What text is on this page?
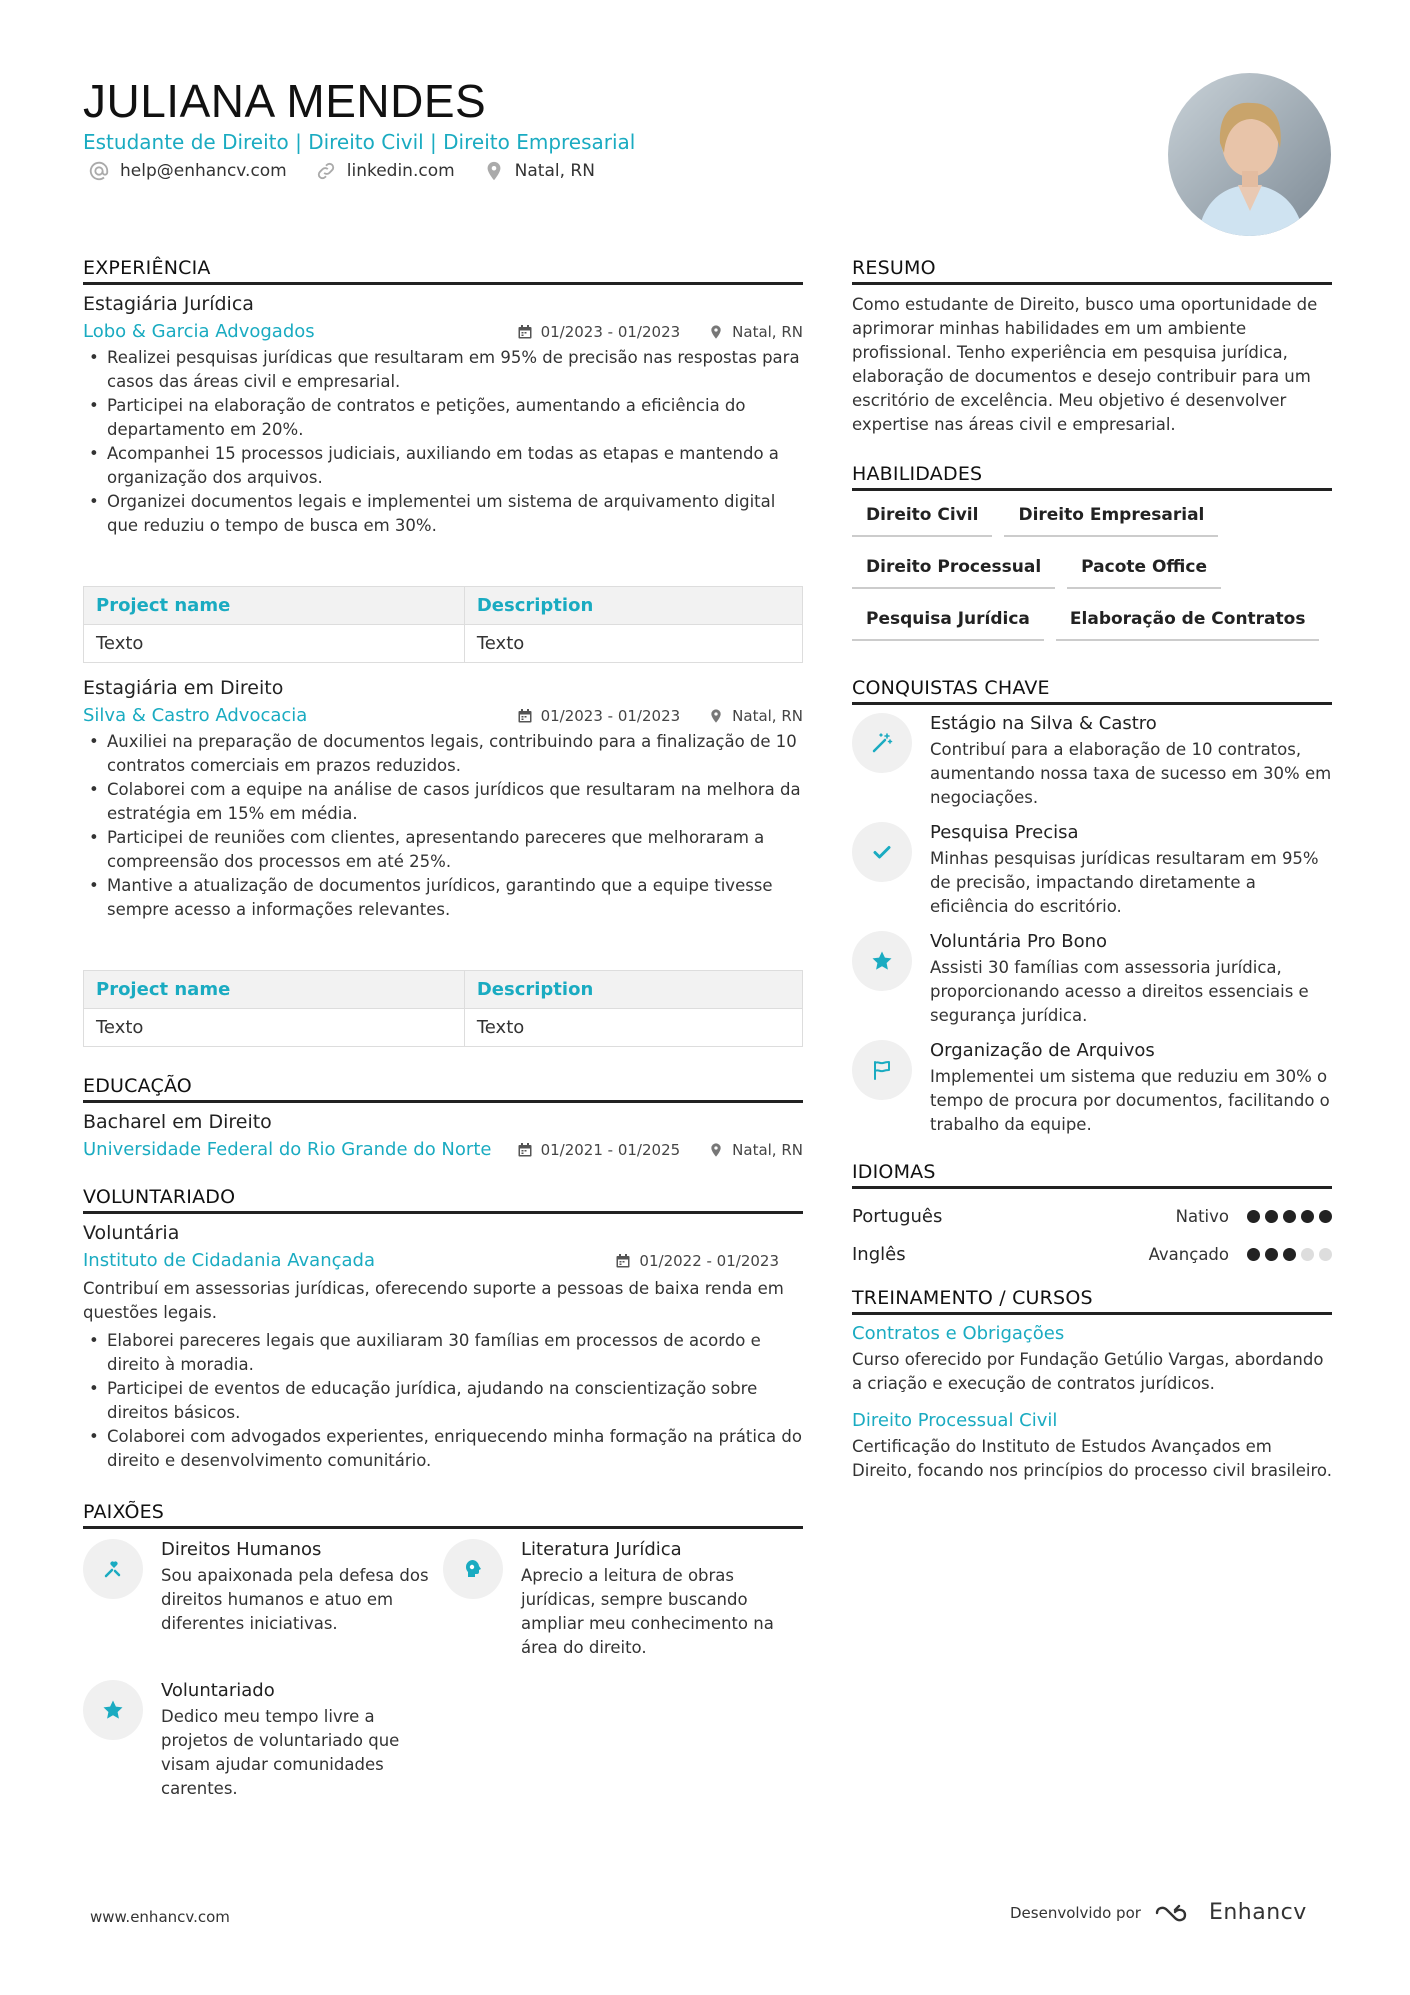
JULIANA MENDES
Estudante de Direito | Direito Civil | Direito Empresarial
help@enhancv.com	linkedin.com	Natal, RN
EXPERIÊNCIA
Estagiária Jurídica
Lobo & Garcia Advogados	01/2023 - 01/2023	Natal, RN
• Realizei pesquisas jurídicas que resultaram em 95% de precisão nas respostas para casos das áreas civil e empresarial.
• Participei na elaboração de contratos e petições, aumentando a eficiência do departamento em 20%.
• Acompanhei 15 processos judiciais, auxiliando em todas as etapas e mantendo a organização dos arquivos.
• Organizei documentos legais e implementei um sistema de arquivamento digital que reduziu o tempo de busca em 30%.
Project name	Description
Texto	Texto
Estagiária em Direito
Silva & Castro Advocacia	01/2023 - 01/2023	Natal, RN
• Auxiliei na preparação de documentos legais, contribuindo para a finalização de 10 contratos comerciais em prazos reduzidos.
• Colaborei com a equipe na análise de casos jurídicos que resultaram na melhora da estratégia em 15% em média.
• Participei de reuniões com clientes, apresentando pareceres que melhoraram a compreensão dos processos em até 25%.
• Mantive a atualização de documentos jurídicos, garantindo que a equipe tivesse sempre acesso a informações relevantes.
Project name	Description
Texto	Texto
EDUCAÇÃO
Bacharel em Direito
Universidade Federal do Rio Grande do Norte	01/2021 - 01/2025	Natal, RN
VOLUNTARIADO
Voluntária
Instituto de Cidadania Avançada	01/2022 - 01/2023
Contribuí em assessorias jurídicas, oferecendo suporte a pessoas de baixa renda em questões legais.
• Elaborei pareceres legais que auxiliaram 30 famílias em processos de acordo e direito à moradia.
• Participei de eventos de educação jurídica, ajudando na conscientização sobre direitos básicos.
• Colaborei com advogados experientes, enriquecendo minha formação na prática do direito e desenvolvimento comunitário.
PAIXÕES
Direitos Humanos
Sou apaixonada pela defesa dos direitos humanos e atuo em diferentes iniciativas.
Literatura Jurídica
Aprecio a leitura de obras jurídicas, sempre buscando ampliar meu conhecimento na área do direito.
Voluntariado
Dedico meu tempo livre a projetos de voluntariado que visam ajudar comunidades carentes.
RESUMO
Como estudante de Direito, busco uma oportunidade de aprimorar minhas habilidades em um ambiente profissional. Tenho experiência em pesquisa jurídica, elaboração de documentos e desejo contribuir para um escritório de excelência. Meu objetivo é desenvolver expertise nas áreas civil e empresarial.
HABILIDADES
Direito Civil	Direito Empresarial
Direito Processual	Pacote Office
Pesquisa Jurídica	Elaboração de Contratos
CONQUISTAS CHAVE
Estágio na Silva & Castro
Contribuí para a elaboração de 10 contratos, aumentando nossa taxa de sucesso em 30% em negociações.
Pesquisa Precisa
Minhas pesquisas jurídicas resultaram em 95% de precisão, impactando diretamente a eficiência do escritório.
Voluntária Pro Bono
Assisti 30 famílias com assessoria jurídica, proporcionando acesso a direitos essenciais e segurança jurídica.
Organização de Arquivos
Implementei um sistema que reduziu em 30% o tempo de procura por documentos, facilitando o trabalho da equipe.
IDIOMAS
Português	Nativo
Inglês	Avançado
TREINAMENTO / CURSOS
Contratos e Obrigações
Curso oferecido por Fundação Getúlio Vargas, abordando a criação e execução de contratos jurídicos.
Direito Processual Civil
Certificação do Instituto de Estudos Avançados em Direito, focando nos princípios do processo civil brasileiro.
www.enhancv.com	Desenvolvido por	Enhancv
